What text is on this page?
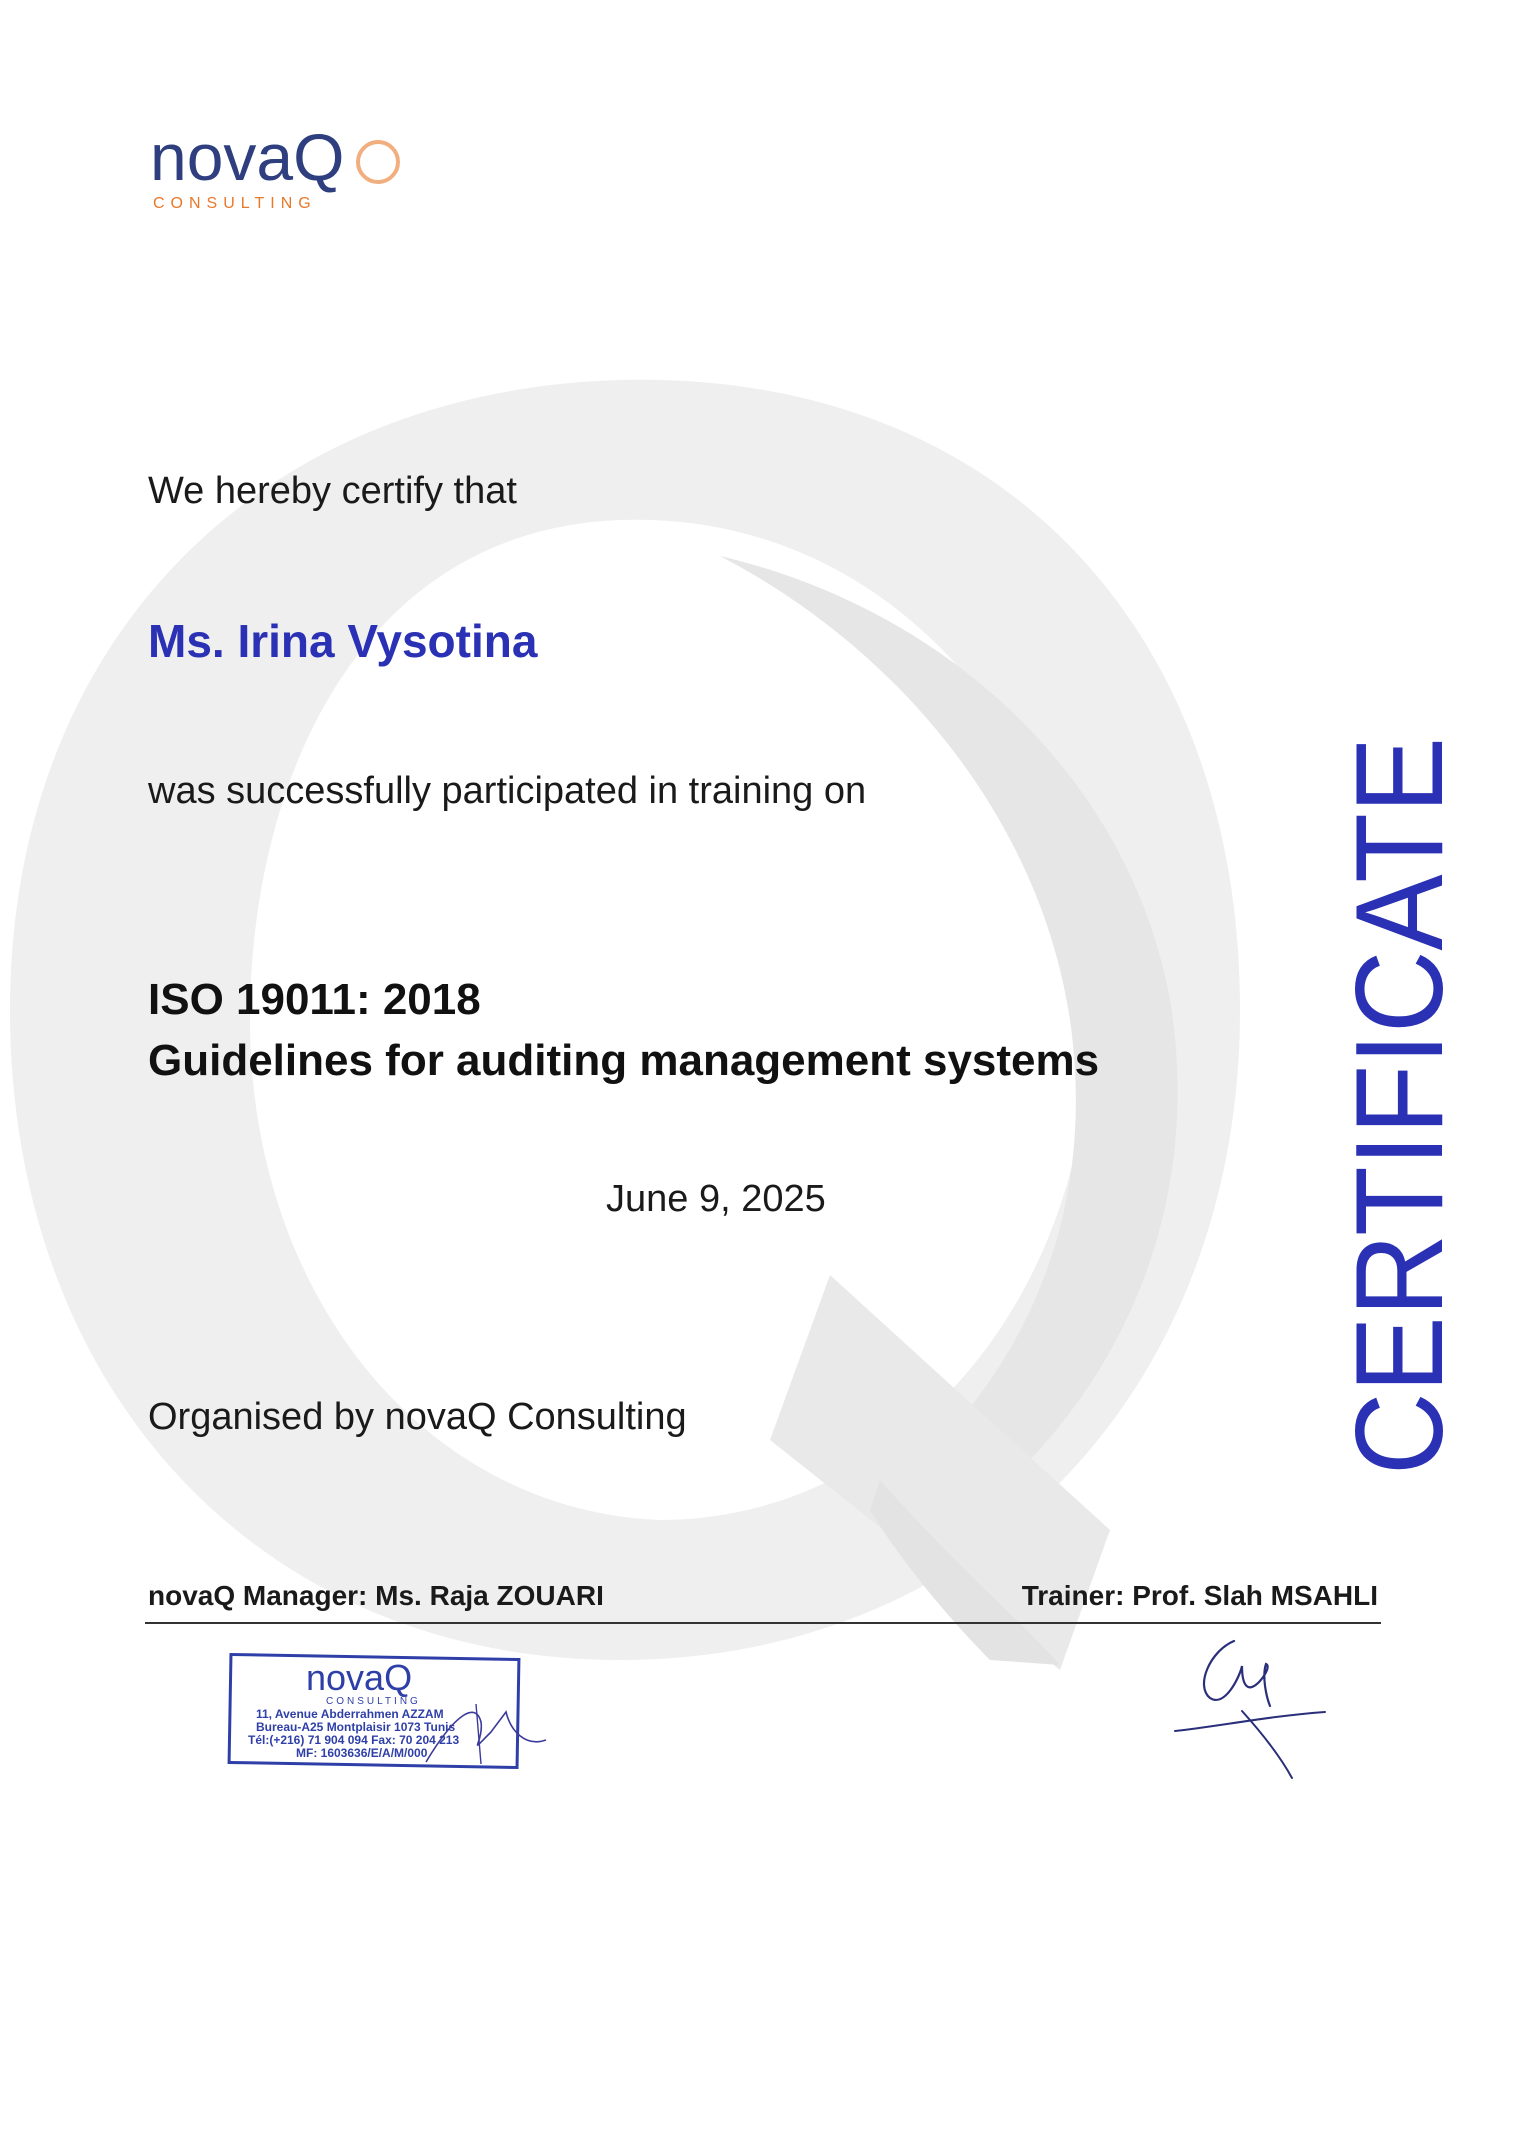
novaQ
CONSULTING
We hereby certify that
Ms. Irina Vysotina
was successfully participated in training on
ISO 19011: 2018
Guidelines for auditing management systems
June 9, 2025
Organised by novaQ Consulting	CERTIFICATE
novaQ Manager: Ms. Raja ZOUARI	Trainer: Prof. Slah MSAHLI
novaQ
CONSULTING
11, Avenue Abderrahmen AZZAM
Bureau-A25 Montplaisir 1073 Tunis
Tél:(+216) 71 904 094 Fax: 70 204 213
MF: 1603636/E/A/M/000
